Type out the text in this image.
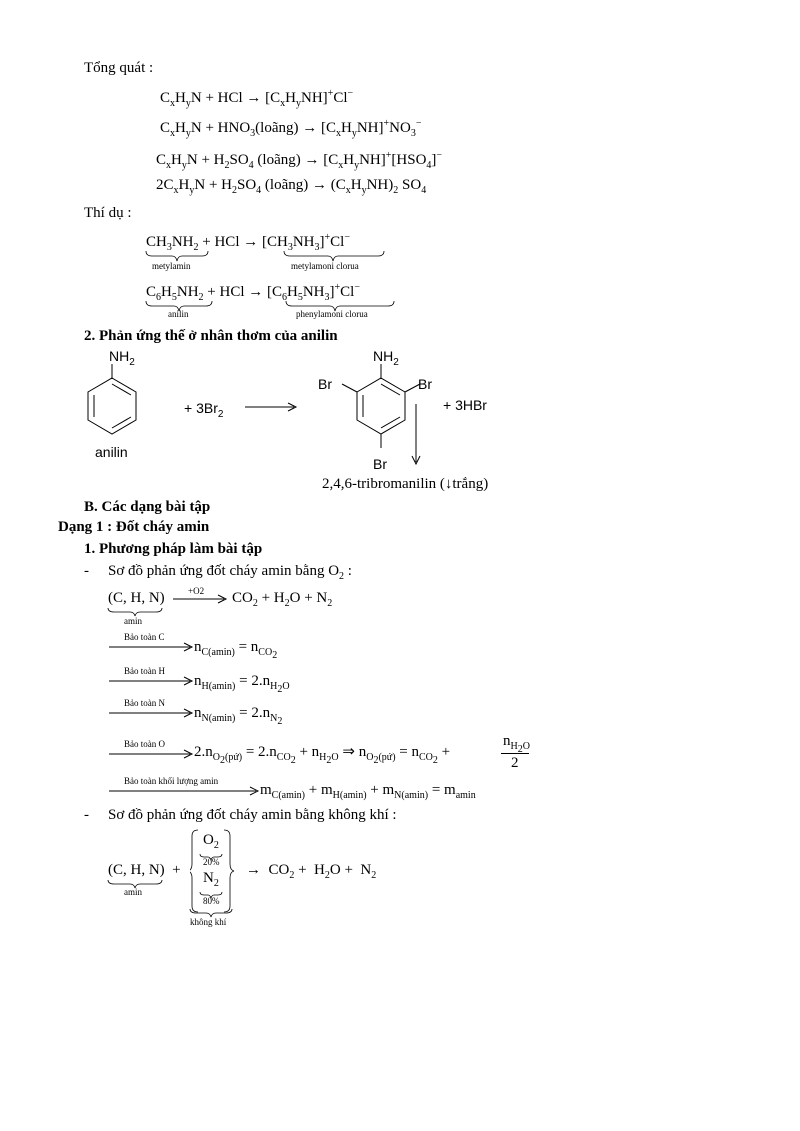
Tổng quát :
$C_xH_yN$ + HCl → $[C_xH_yNH]^+Cl^-$
$C_xH_yN$ + $HNO_3(loãng) \to [C_xH_yNH]^+NO_3^-$
$C_xH_yN + H_2SO_4$ (loãng) → $[C_xH_yNH]^+[HSO_4]^-$
$2C_xH_yN + H_2SO_4$ (loãng) → $(C_xH_yNH)_2$ $SO_4$
Thí dụ :
$CH_3NH_2$ + HCl → $[CH_3NH_3]^+Cl^-$
metylamin	metylamoni clorua
$C_6H_5NH_2$ + HCl → $[C_6H_5NH_3]^+Cl^-$
anilin	phenylamoni clorua
2. Phản ứng thế ở nhân thơm của anilin
$NH_2$
anilin
+ $3Br_2$
$NH_2$
Br	Br
Br
+ 3HBr
2,4,6-tribromanilin (↓trắng)
B. Các dạng bài tập
Dạng 1 : Đốt cháy amin
1. Phương pháp làm bài tập
- Sơ đồ phản ứng đốt cháy amin bằng $O_2$ :
(C, H, N)
amin
+O2 $CO_2 + H_2O + N_2$
Bảo toàn C
$n_{C(amin)} = n_{CO_2}$
Bảo toàn H
$n_{H(amin)} = 2.n_{H_2O}$
Bảo toàn N
$n_{N(amin)} = 2.n_{N_2}$
Bảo toàn O $2.n_{O_2(pứ)} = 2.n_{CO_2} + n_{H_2O}$ ⇒ $n_{O_2(pứ)} = n_{CO_2}$ +
$n_{H_2O}$
2
Bảo toàn khối lượng amin
$m_{C(amin)} + m_{H(amin)} + m_{N(amin)} = m_{amin}$
- Sơ đồ phản ứng đốt cháy amin bằng không khí :
(C, H, N)  +
amin
$O_2$
20%
$N_2$
80%
không khí
→  $CO_2 + H_2O + N_2$
